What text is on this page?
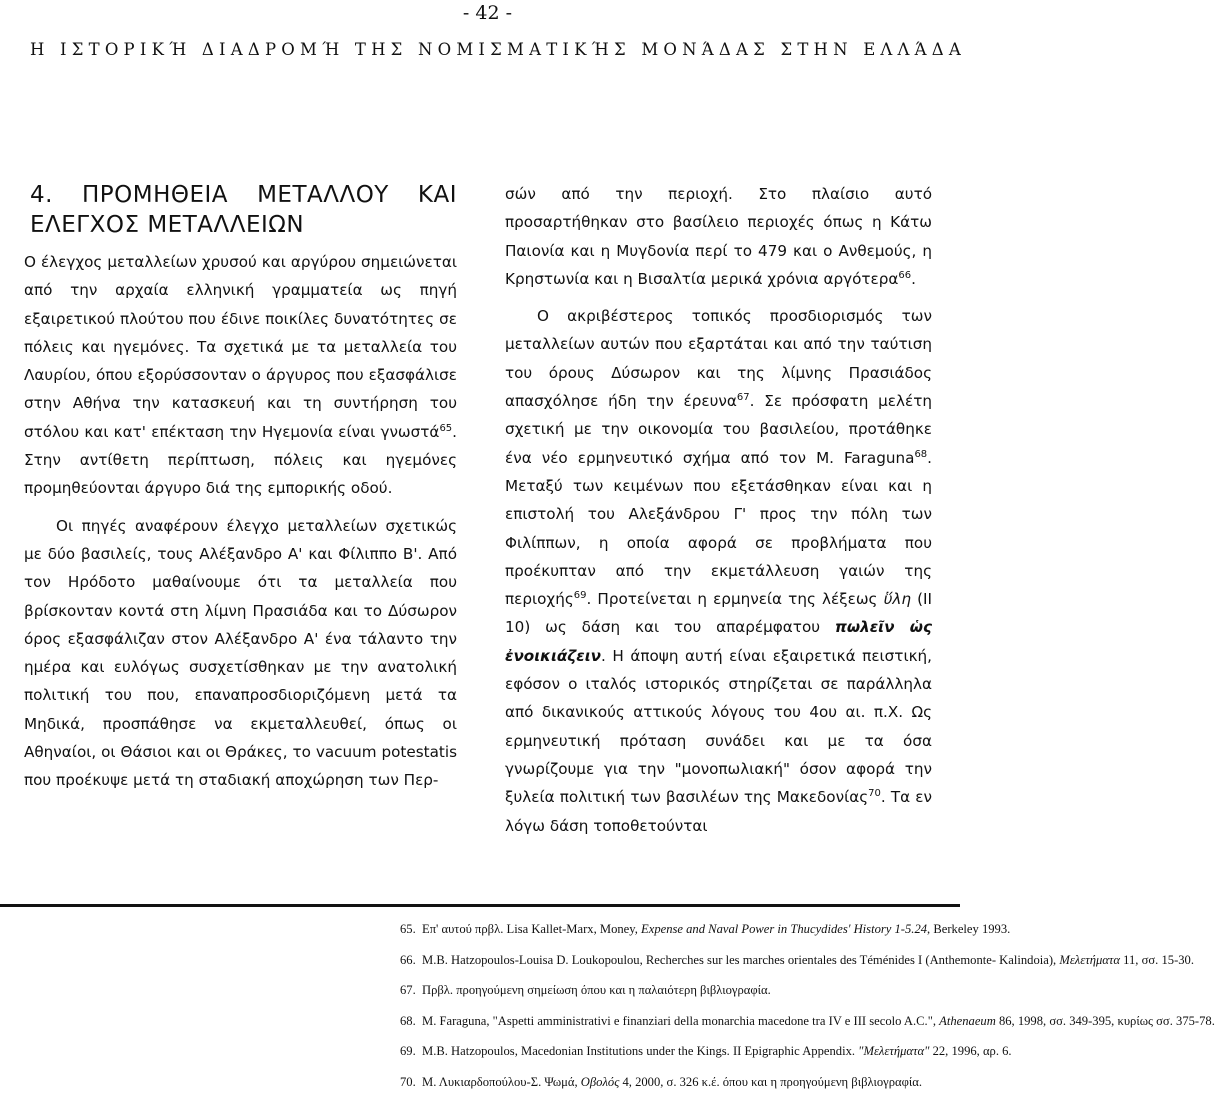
- 42 -
Η ΙΣΤΟΡΙΚΉ ΔΙΑΔΡΟΜΉ ΤΗΣ ΝΟΜΙΣΜΑΤΙΚΉΣ ΜΟΝΆΔΑΣ ΣΤΗΝ ΕΛΛΆΔΑ
4. ΠΡΟΜΗΘΕΙΑ ΜΕΤΑΛΛΟΥ ΚΑΙ ΕΛΕΓΧΟΣ ΜΕΤΑΛΛΕΙΩΝ

Ο έλεγχος μεταλλείων χρυσού και αργύρου σημειώνεται από την αρχαία ελληνική γραμματεία ως πηγή εξαιρετικού πλούτου που έδινε ποικίλες δυνατότητες σε πόλεις και ηγεμόνες. Τα σχετικά με τα μεταλλεία του Λαυρίου, όπου εξορύσσονταν ο άργυρος που εξασφάλισε στην Αθήνα την κατασκευή και τη συντήρηση του στόλου και κατ' επέκταση την Ηγεμονία είναι γνωστά$^{65}$. Στην αντίθετη περίπτωση, πόλεις και ηγεμόνες προμηθεύονται άργυρο διά της εμπορικής οδού.

Οι πηγές αναφέρουν έλεγχο μεταλλείων σχετικώς με δύο βασιλείς, τους Αλέξανδρο Α' και Φίλιππο Β'. Από τον Ηρόδοτο μαθαίνουμε ότι τα μεταλλεία που βρίσκονταν κοντά στη λίμνη Πρασιάδα και το Δύσωρον όρος εξασφάλιζαν στον Αλέξανδρο Α' ένα τάλαντο την ημέρα και ευλόγως συσχετίσθηκαν με την ανατολική πολιτική του που, επαναπροσδιοριζόμενη μετά τα Μηδικά, προσπάθησε να εκμεταλλευθεί, όπως οι Αθηναίοι, οι Θάσιοι και οι Θράκες, το vacuum potestatis που προέκυψε μετά τη σταδιακή αποχώρηση των Περ-

σών από την περιοχή. Στο πλαίσιο αυτό προσαρτήθηκαν στο βασίλειο περιοχές όπως η Κάτω Παιονία και η Μυγδονία περί το 479 και ο Ανθεμούς, η Κρηστωνία και η Βισαλτία μερικά χρόνια αργότερα$^{66}$.

Ο ακριβέστερος τοπικός προσδιορισμός των μεταλλείων αυτών που εξαρτάται και από την ταύτιση του όρους Δύσωρον και της λίμνης Πρασιάδος απασχόλησε ήδη την έρευνα$^{67}$. Σε πρόσφατη μελέτη σχετική με την οικονομία του βασιλείου, προτάθηκε ένα νέο ερμηνευτικό σχήμα από τον M. Faraguna$^{68}$. Μεταξύ των κειμένων που εξετάσθηκαν είναι και η επιστολή του Αλεξάνδρου Γ' προς την πόλη των Φιλίππων, η οποία αφορά σε προβλήματα που προέκυπταν από την εκμετάλλευση γαιών της περιοχής$^{69}$. Προτείνεται η ερμηνεία της λέξεως ὕλη (ΙΙ 10) ως δάση και του απαρέμφατου πωλεῖν ὡς ἐνοικιάζειν. Η άποψη αυτή είναι εξαιρετικά πειστική, εφόσον ο ιταλός ιστορικός στηρίζεται σε παράλληλα από δικανικούς αττικούς λόγους του 4ου αι. π.Χ. Ως ερμηνευτική πρόταση συνάδει και με τα όσα γνωρίζουμε για την "μονοπωλιακή" όσον αφορά την ξυλεία πολιτική των βασιλέων της Μακεδονίας$^{70}$. Τα εν λόγω δάση τοποθετούνται

65. Επ' αυτού πρβλ. Lisa Kallet-Marx, Money, Expense and Naval Power in Thucydides' History 1-5.24, Berkeley 1993.

66. M.B. Hatzopoulos-Louisa D. Loukopoulou, Recherches sur les marches orientales des Téménides I (Anthemonte- Kalindoia), Μελετήματα 11, σσ. 15-30.

67. Πρβλ. προηγούμενη σημείωση όπου και η παλαιότερη βιβλιογραφία.

68. M. Faraguna, "Aspetti amministrativi e finanziari della monarchia macedone tra IV e III secolo A.C.", Athenaeum 86, 1998, σσ. 349-395, κυρίως σσ. 375-78.

69. M.B. Hatzopoulos, Macedonian Institutions under the Kings. II Epigraphic Appendix. "Μελετήματα" 22, 1996, αρ. 6.

70. Μ. Λυκιαρδοπούλου-Σ. Ψωμά, Οβολός 4, 2000, σ. 326 κ.έ. όπου και η προηγούμενη βιβλιογραφία.
